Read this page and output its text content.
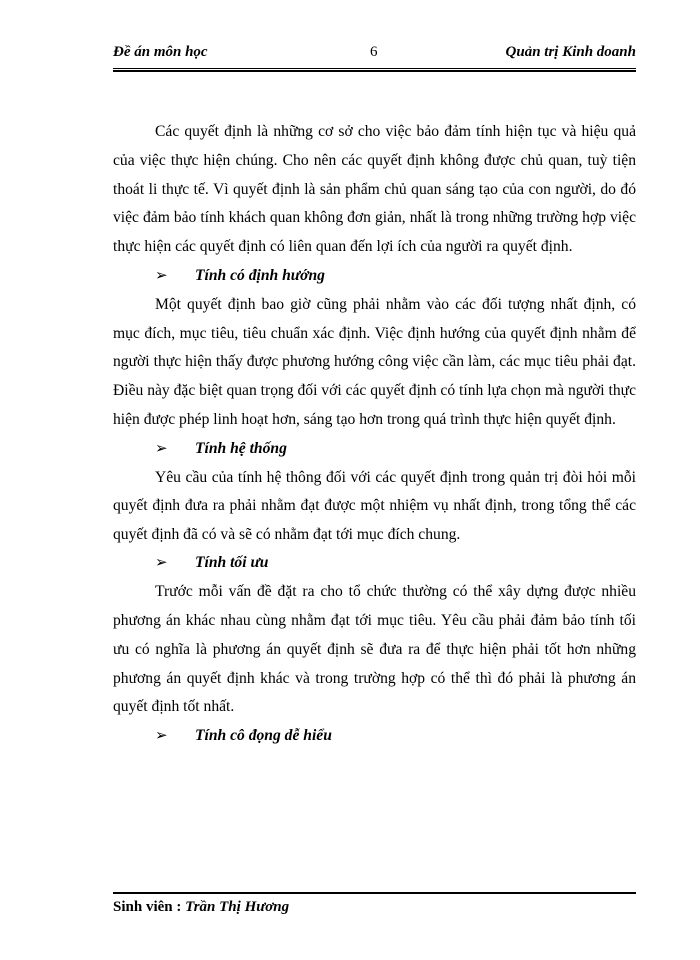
Đề án môn học	6	Quản trị Kinh doanh

Các quyết định là những cơ sở cho việc bảo đảm tính hiện tục và hiệu quả của việc thực hiện chúng. Cho nên các quyết định không được chủ quan, tuỳ tiện thoát li thực tế. Vì quyết định là sản phẩm chủ quan sáng tạo của con người, do đó việc đảm bảo tính khách quan không đơn giản, nhất là trong những trường hợp việc thực hiện các quyết định có liên quan đến lợi ích của người ra quyết định.

➢ Tính có định hướng

Một quyết định bao giờ cũng phải nhằm vào các đối tượng nhất định, có mục đích, mục tiêu, tiêu chuẩn xác định. Việc định hướng của quyết định nhằm để người thực hiện thấy được phương hướng công việc cần làm, các mục tiêu phải đạt. Điều này đặc biệt quan trọng đối với các quyết định có tính lựa chọn mà người thực hiện được phép linh hoạt hơn, sáng tạo hơn trong quá trình thực hiện quyết định.

➢ Tính hệ thống

Yêu cầu của tính hệ thông đối với các quyết định trong quản trị đòi hỏi mỗi quyết định đưa ra phải nhằm đạt được một nhiệm vụ nhất định, trong tổng thể các quyết định đã có và sẽ có nhằm đạt tới mục đích chung.

➢ Tính tối ưu

Trước mỗi vấn đề đặt ra cho tổ chức thường có thể xây dựng được nhiều phương án khác nhau cùng nhằm đạt tới mục tiêu. Yêu cầu phải đảm bảo tính tối ưu có nghĩa là phương án quyết định sẽ đưa ra để thực hiện phải tốt hơn những phương án quyết định khác và trong trường hợp có thể thì đó phải là phương án quyết định tốt nhất.

➢ Tính cô đọng dễ hiểu
Sinh viên : Trần Thị Hương
